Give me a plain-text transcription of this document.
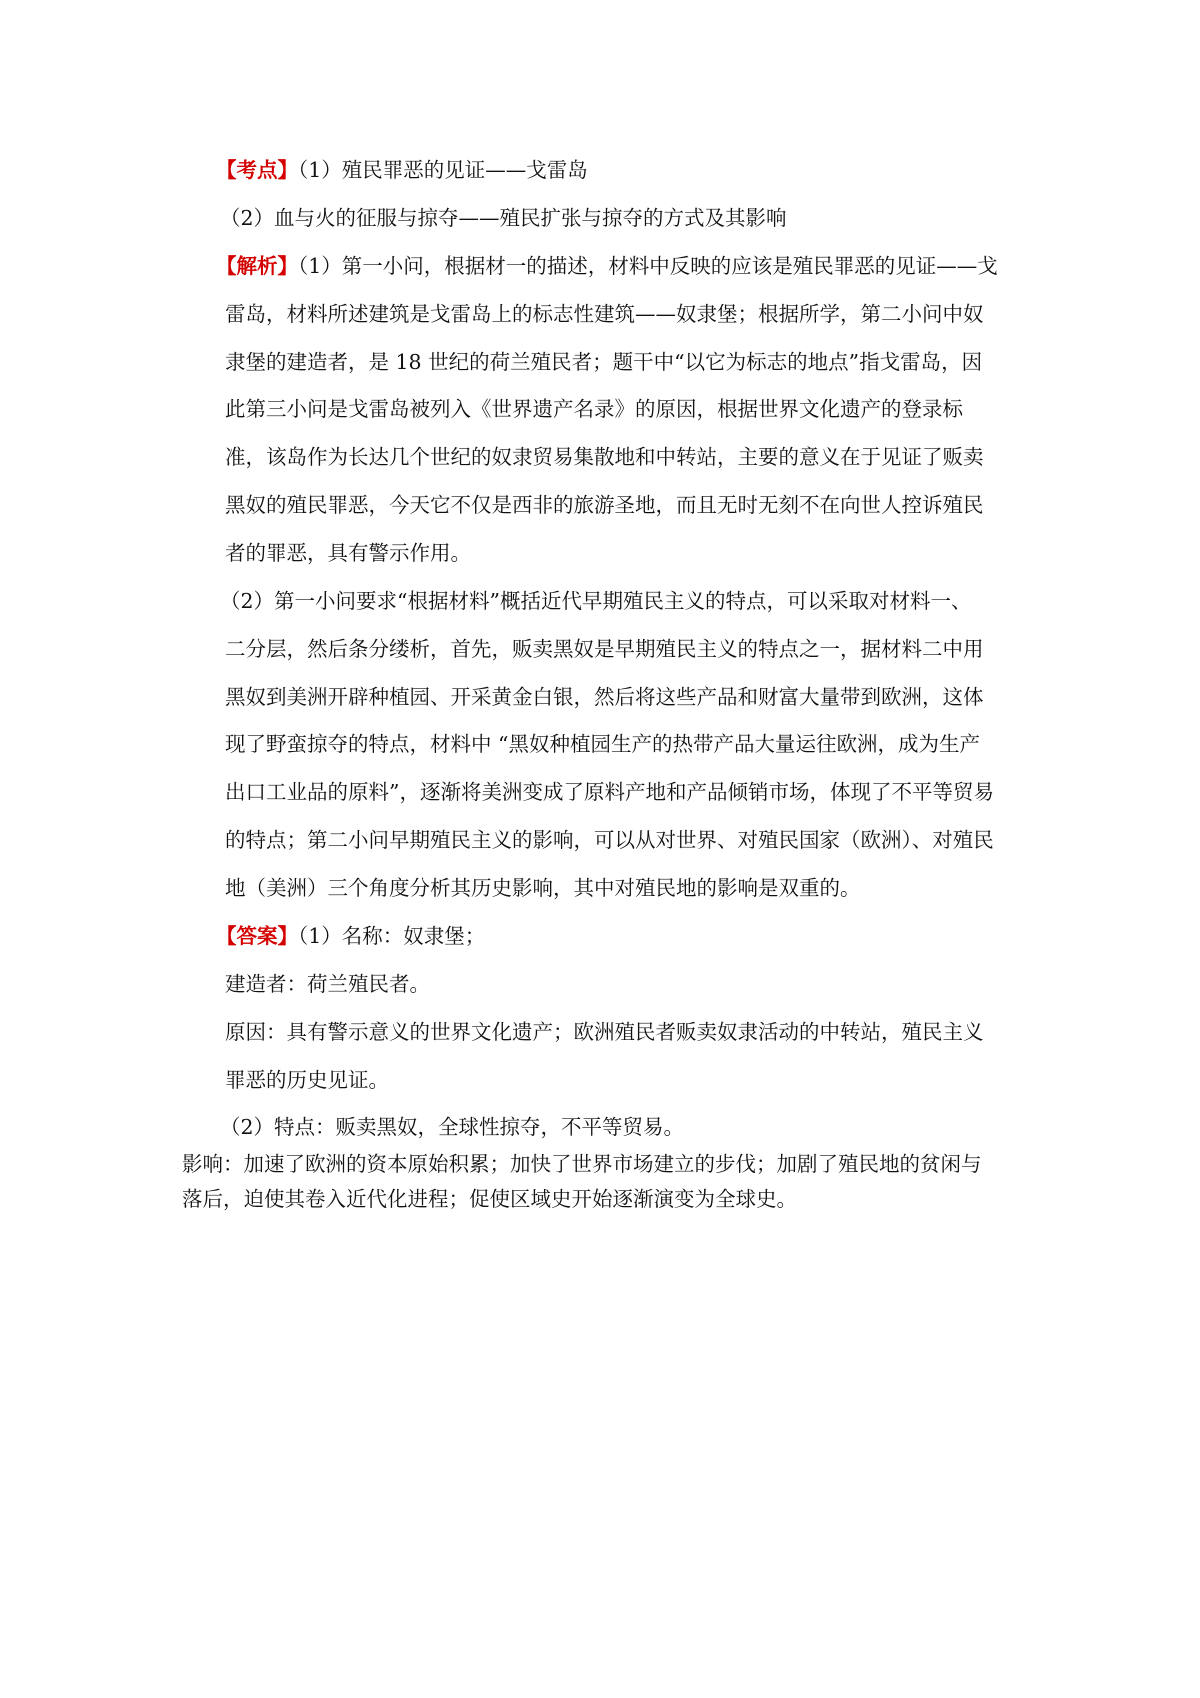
【考点】（1）殖民罪恶的见证——戈雷岛
（2）血与火的征服与掠夺——殖民扩张与掠夺的方式及其影响
【解析】（1）第一小问，根据材一的描述，材料中反映的应该是殖民罪恶的见证——戈
雷岛，材料所述建筑是戈雷岛上的标志性建筑——奴隶堡；根据所学，第二小问中奴
隶堡的建造者，是 18 世纪的荷兰殖民者；题干中“以它为标志的地点”指戈雷岛，因
此第三小问是戈雷岛被列入《世界遗产名录》的原因，根据世界文化遗产的登录标
准，该岛作为长达几个世纪的奴隶贸易集散地和中转站，主要的意义在于见证了贩卖
黑奴的殖民罪恶，今天它不仅是西非的旅游圣地，而且无时无刻不在向世人控诉殖民
者的罪恶，具有警示作用。
（2）第一小问要求“根据材料”概括近代早期殖民主义的特点，可以采取对材料一、
二分层，然后条分缕析，首先，贩卖黑奴是早期殖民主义的特点之一，据材料二中用
黑奴到美洲开辟种植园、开采黄金白银，然后将这些产品和财富大量带到欧洲，这体
现了野蛮掠夺的特点，材料中 “黑奴种植园生产的热带产品大量运往欧洲，成为生产
出口工业品的原料”，逐渐将美洲变成了原料产地和产品倾销市场，体现了不平等贸易
的特点；第二小问早期殖民主义的影响，可以从对世界、对殖民国家（欧洲）、对殖民
地（美洲）三个角度分析其历史影响，其中对殖民地的影响是双重的。
【答案】（1）名称：奴隶堡；
建造者：荷兰殖民者。
原因：具有警示意义的世界文化遗产；欧洲殖民者贩卖奴隶活动的中转站，殖民主义
罪恶的历史见证。
（2）特点：贩卖黑奴，全球性掠夺，不平等贸易。
影响：加速了欧洲的资本原始积累；加快了世界市场建立的步伐；加剧了殖民地的贫闲与
落后，迫使其卷入近代化进程；促使区域史开始逐渐演变为全球史。
